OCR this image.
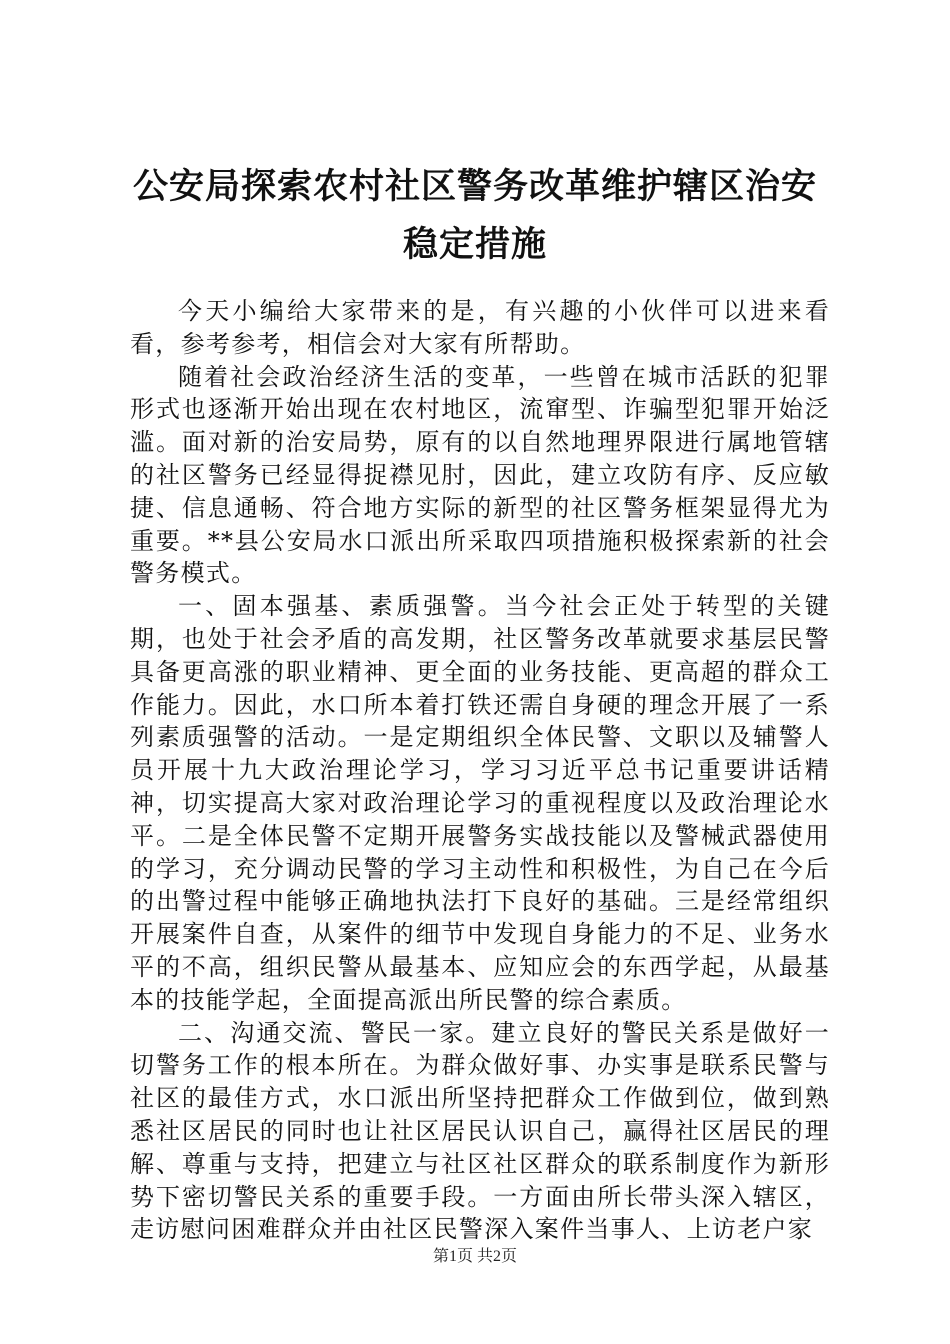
公安局探索农村社区警务改革维护辖区治安稳定措施

今天小编给大家带来的是，有兴趣的小伙伴可以进来看看，参考参考，相信会对大家有所帮助。

随着社会政治经济生活的变革，一些曾在城市活跃的犯罪形式也逐渐开始出现在农村地区，流窜型、诈骗型犯罪开始泛滥。面对新的治安局势，原有的以自然地理界限进行属地管辖的社区警务已经显得捉襟见肘，因此，建立攻防有序、反应敏捷、信息通畅、符合地方实际的新型的社区警务框架显得尤为重要。**县公安局水口派出所采取四项措施积极探索新的社会警务模式。

一、固本强基、素质强警。当今社会正处于转型的关键期，也处于社会矛盾的高发期，社区警务改革就要求基层民警具备更高涨的职业精神、更全面的业务技能、更高超的群众工作能力。因此，水口所本着打铁还需自身硬的理念开展了一系列素质强警的活动。一是定期组织全体民警、文职以及辅警人员开展十九大政治理论学习，学习习近平总书记重要讲话精神，切实提高大家对政治理论学习的重视程度以及政治理论水平。二是全体民警不定期开展警务实战技能以及警械武器使用的学习，充分调动民警的学习主动性和积极性，为自己在今后的出警过程中能够正确地执法打下良好的基础。三是经常组织开展案件自查，从案件的细节中发现自身能力的不足、业务水平的不高，组织民警从最基本、应知应会的东西学起，从最基本的技能学起，全面提高派出所民警的综合素质。

二、沟通交流、警民一家。建立良好的警民关系是做好一切警务工作的根本所在。为群众做好事、办实事是联系民警与社区的最佳方式，水口派出所坚持把群众工作做到位，做到熟悉社区居民的同时也让社区居民认识自己，赢得社区居民的理解、尊重与支持，把建立与社区社区群众的联系制度作为新形势下密切警民关系的重要手段。一方面由所长带头深入辖区，走访慰问困难群众并由社区民警深入案件当事人、上访老户家

第1页 共2页
